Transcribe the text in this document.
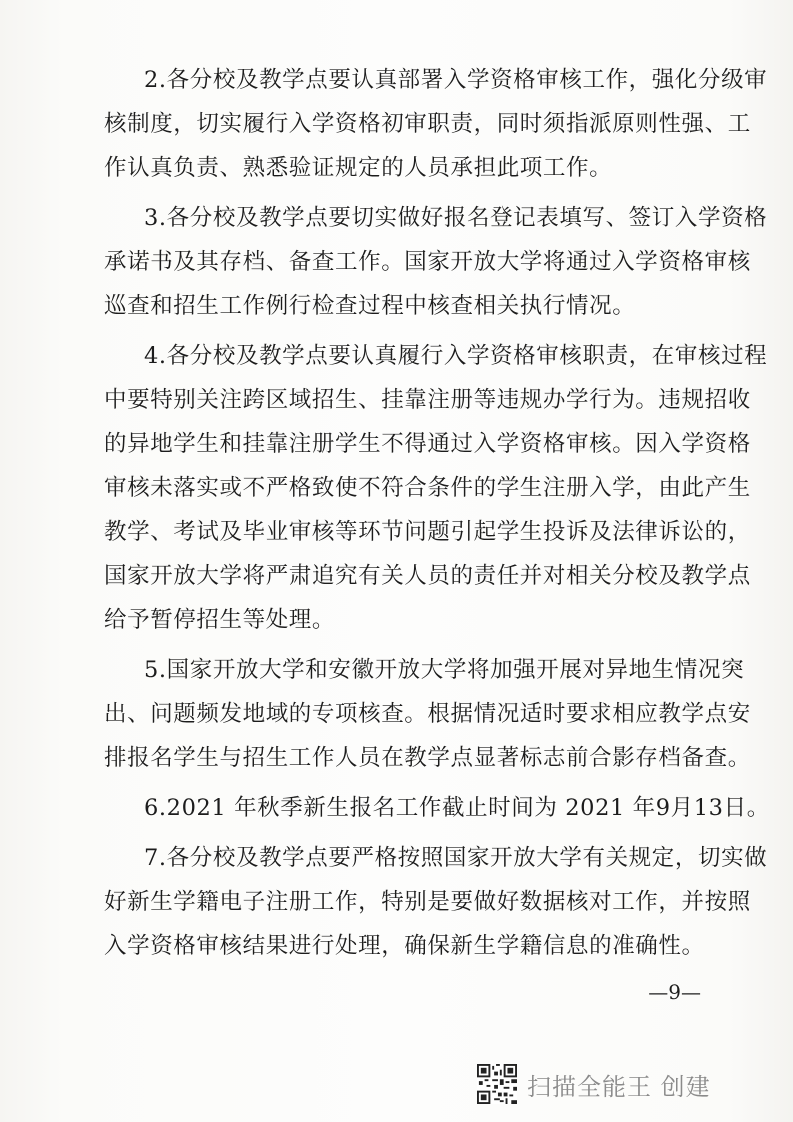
2.各分校及教学点要认真部署入学资格审核工作，强化分级审
核制度，切实履行入学资格初审职责，同时须指派原则性强、工
作认真负责、熟悉验证规定的人员承担此项工作。
3.各分校及教学点要切实做好报名登记表填写、签订入学资格
承诺书及其存档、备查工作。国家开放大学将通过入学资格审核
巡查和招生工作例行检查过程中核查相关执行情况。
4.各分校及教学点要认真履行入学资格审核职责，在审核过程
中要特别关注跨区域招生、挂靠注册等违规办学行为。违规招收
的异地学生和挂靠注册学生不得通过入学资格审核。因入学资格
审核未落实或不严格致使不符合条件的学生注册入学，由此产生
教学、考试及毕业审核等环节问题引起学生投诉及法律诉讼的，
国家开放大学将严肃追究有关人员的责任并对相关分校及教学点
给予暂停招生等处理。
5.国家开放大学和安徽开放大学将加强开展对异地生情况突
出、问题频发地域的专项核查。根据情况适时要求相应教学点安
排报名学生与招生工作人员在教学点显著标志前合影存档备查。
6.2021 年秋季新生报名工作截止时间为 2021 年9月13日。
7.各分校及教学点要严格按照国家开放大学有关规定，切实做
好新生学籍电子注册工作，特别是要做好数据核对工作，并按照
入学资格审核结果进行处理，确保新生学籍信息的准确性。
—9—
扫描全能王 创建
